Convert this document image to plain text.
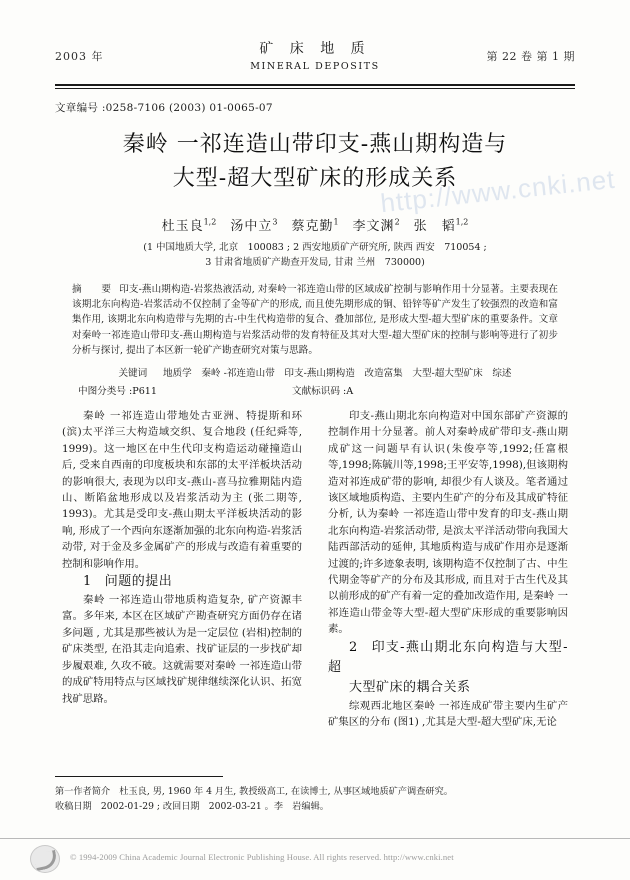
http://www.cnki.net
2003 年	矿 床 地 质
MINERAL DEPOSITS
第 22 卷 第 1 期
文章编号 :0258-7106 (2003) 01-0065-07
秦岭 一祁连造山带印支-燕山期构造与
大型-超大型矿床的形成关系
杜玉良$^{1,2}$　汤中立$^3$　蔡克勤$^1$　李文渊$^2$　张　韬$^{1,2}$
(1 中国地质大学, 北京　100083 ; 2 西安地质矿产研究所, 陕西 西安　710054 ;
3 甘肃省地质矿产勘查开发局, 甘肃 兰州　730000)
摘　要 印支-燕山期构造-岩浆热液活动, 对秦岭一祁连造山带的区域成矿控制与影响作用十分显著。主要表现在该期北东向构造-岩浆活动不仅控制了金等矿产的形成, 而且使先期形成的铜、铅锌等矿产发生了较强烈的改造和富集作用, 该期北东向构造带与先期的古-中生代构造带的复合、叠加部位, 是形成大型-超大型矿床的重要条件。文章对秦岭一祁连造山带印支-燕山期构造与岩浆活动带的发育特征及其对大型-超大型矿床的控制与影响等进行了初步分析与探讨, 提出了本区新一轮矿产勘查研究对策与思路。
关键词 　 地质学　秦岭 -祁连造山带　印支-燕山期构造　改造富集　大型-超大型矿床　综述
中图分类号 :P611	文献标识码 :A

秦岭 一祁连造山带地处古亚洲、特提斯和环 (滨)太平洋三大构造域交织、复合地段 (任纪舜等, 1999)。这一地区在中生代印支构造运动碰撞造山后, 受来自西南的印度板块和东部的太平洋板块活动的影响很大, 表现为以印支-燕山-喜马拉雅期陆内造山、断陷盆地形成以及岩浆活动为主 (张二期等, 1993)。尤其是受印支-燕山期太平洋板块活动的影响, 形成了一个西向东逐渐加强的北东向构造-岩浆活动带, 对于金及多金属矿产的形成与改造有着重要的控制和影响作用。

1 问题的提出

秦岭 一祁连造山带地质构造复杂, 矿产资源丰富。多年来, 本区在区域矿产勘查研究方面仍存在诸多问题 , 尤其是那些被认为是一定层位 (岩相)控制的矿床类型, 在沿其走向追索、找矿证层的一步找矿却步履艰难, 久攻不破。这就需要对秦岭 一祁连造山带的成矿特用特点与区域找矿规律继续深化认识、拓宽找矿思路。

印支-燕山期北东向构造对中国东部矿产资源的控制作用十分显著。前人对秦岭成矿带印支-燕山期成矿这一问题早有认识(朱俊亭等,1992;任富根等,1998;陈毓川等,1998;王平安等,1998),但该期构造对祁连成矿带的影响, 却很少有人谈及。笔者通过该区域地质构造、主要内生矿产的分布及其成矿特征分析, 认为秦岭 一祁连造山带中发育的印支-燕山期北东向构造-岩浆活动带, 是滨太平洋活动带向我国大陆西部活动的延伸, 其地质构造与成矿作用亦是逐渐过渡的;许多迹象表明, 该期构造不仅控制了古、中生代期金等矿产的分布及其形成, 而且对于古生代及其以前形成的矿产有着一定的叠加改造作用, 是秦岭 一祁连造山带金等大型-超大型矿床形成的重要影响因素。

2 印支-燕山期北东向构造与大型-超

大型矿床的耦合关系

综观西北地区秦岭 一祁连成矿带主要内生矿产矿集区的分布 (图1) ,尤其是大型-超大型矿床,无论

第一作者简介　杜玉良, 男, 1960 年 4 月生, 教授级高工, 在读博士, 从事区域地质矿产调查研究。
收稿日期　2002-01-29 ; 改回日期　2002-03-21 。李　岩编辑。
© 1994-2009 China Academic Journal Electronic Publishing House. All rights reserved. http://www.cnki.net
